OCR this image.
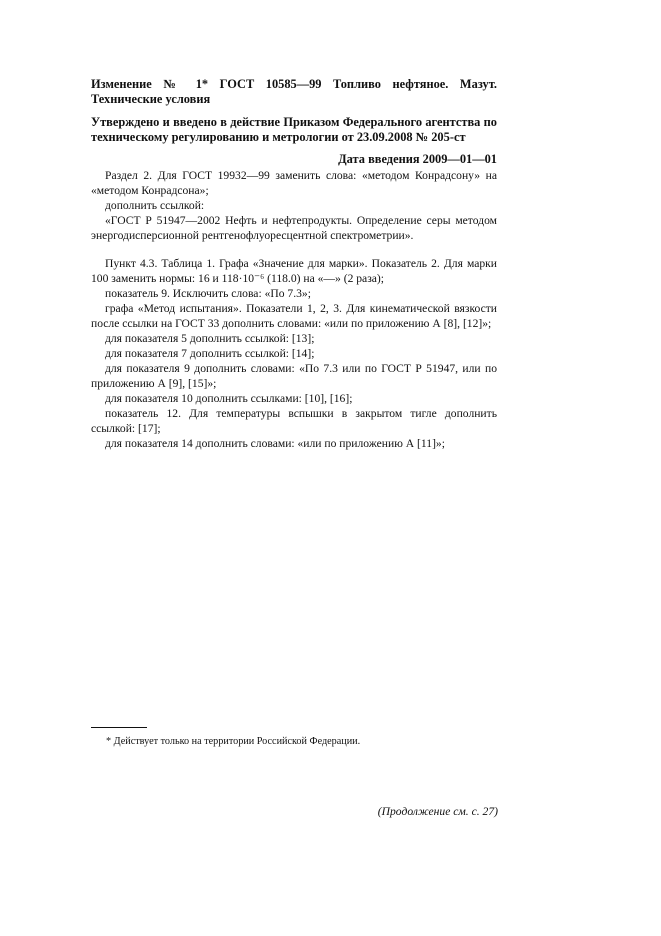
Изменение № 1* ГОСТ 10585—99 Топливо нефтяное. Мазут. Технические условия

Утверждено и введено в действие Приказом Федерального агентства по техническому регулированию и метрологии от 23.09.2008 № 205-ст

Дата введения 2009—01—01

Раздел 2. Для ГОСТ 19932—99 заменить слова: «методом Конрадсону» на «методом Конрадсона»;

дополнить ссылкой:

«ГОСТ Р 51947—2002 Нефть и нефтепродукты. Определение серы методом энергодисперсионной рентгенофлуоресцентной спектрометрии».

Пункт 4.3. Таблица 1. Графа «Значение для марки». Показатель 2. Для марки 100 заменить нормы: 16 и 118·10⁻⁶ (118.0) на «—» (2 раза);

показатель 9. Исключить слова: «По 7.3»;

графа «Метод испытания». Показатели 1, 2, 3. Для кинематической вязкости после ссылки на ГОСТ 33 дополнить словами: «или по приложению А [8], [12]»;

для показателя 5 дополнить ссылкой: [13];

для показателя 7 дополнить ссылкой: [14];

для показателя 9 дополнить словами: «По 7.3 или по ГОСТ Р 51947, или по приложению А [9], [15]»;

для показателя 10 дополнить ссылками: [10], [16];

показатель 12. Для температуры вспышки в закрытом тигле дополнить ссылкой: [17];

для показателя 14 дополнить словами: «или по приложению А [11]»;

* Действует только на территории Российской Федерации.
(Продолжение см. с. 27)
